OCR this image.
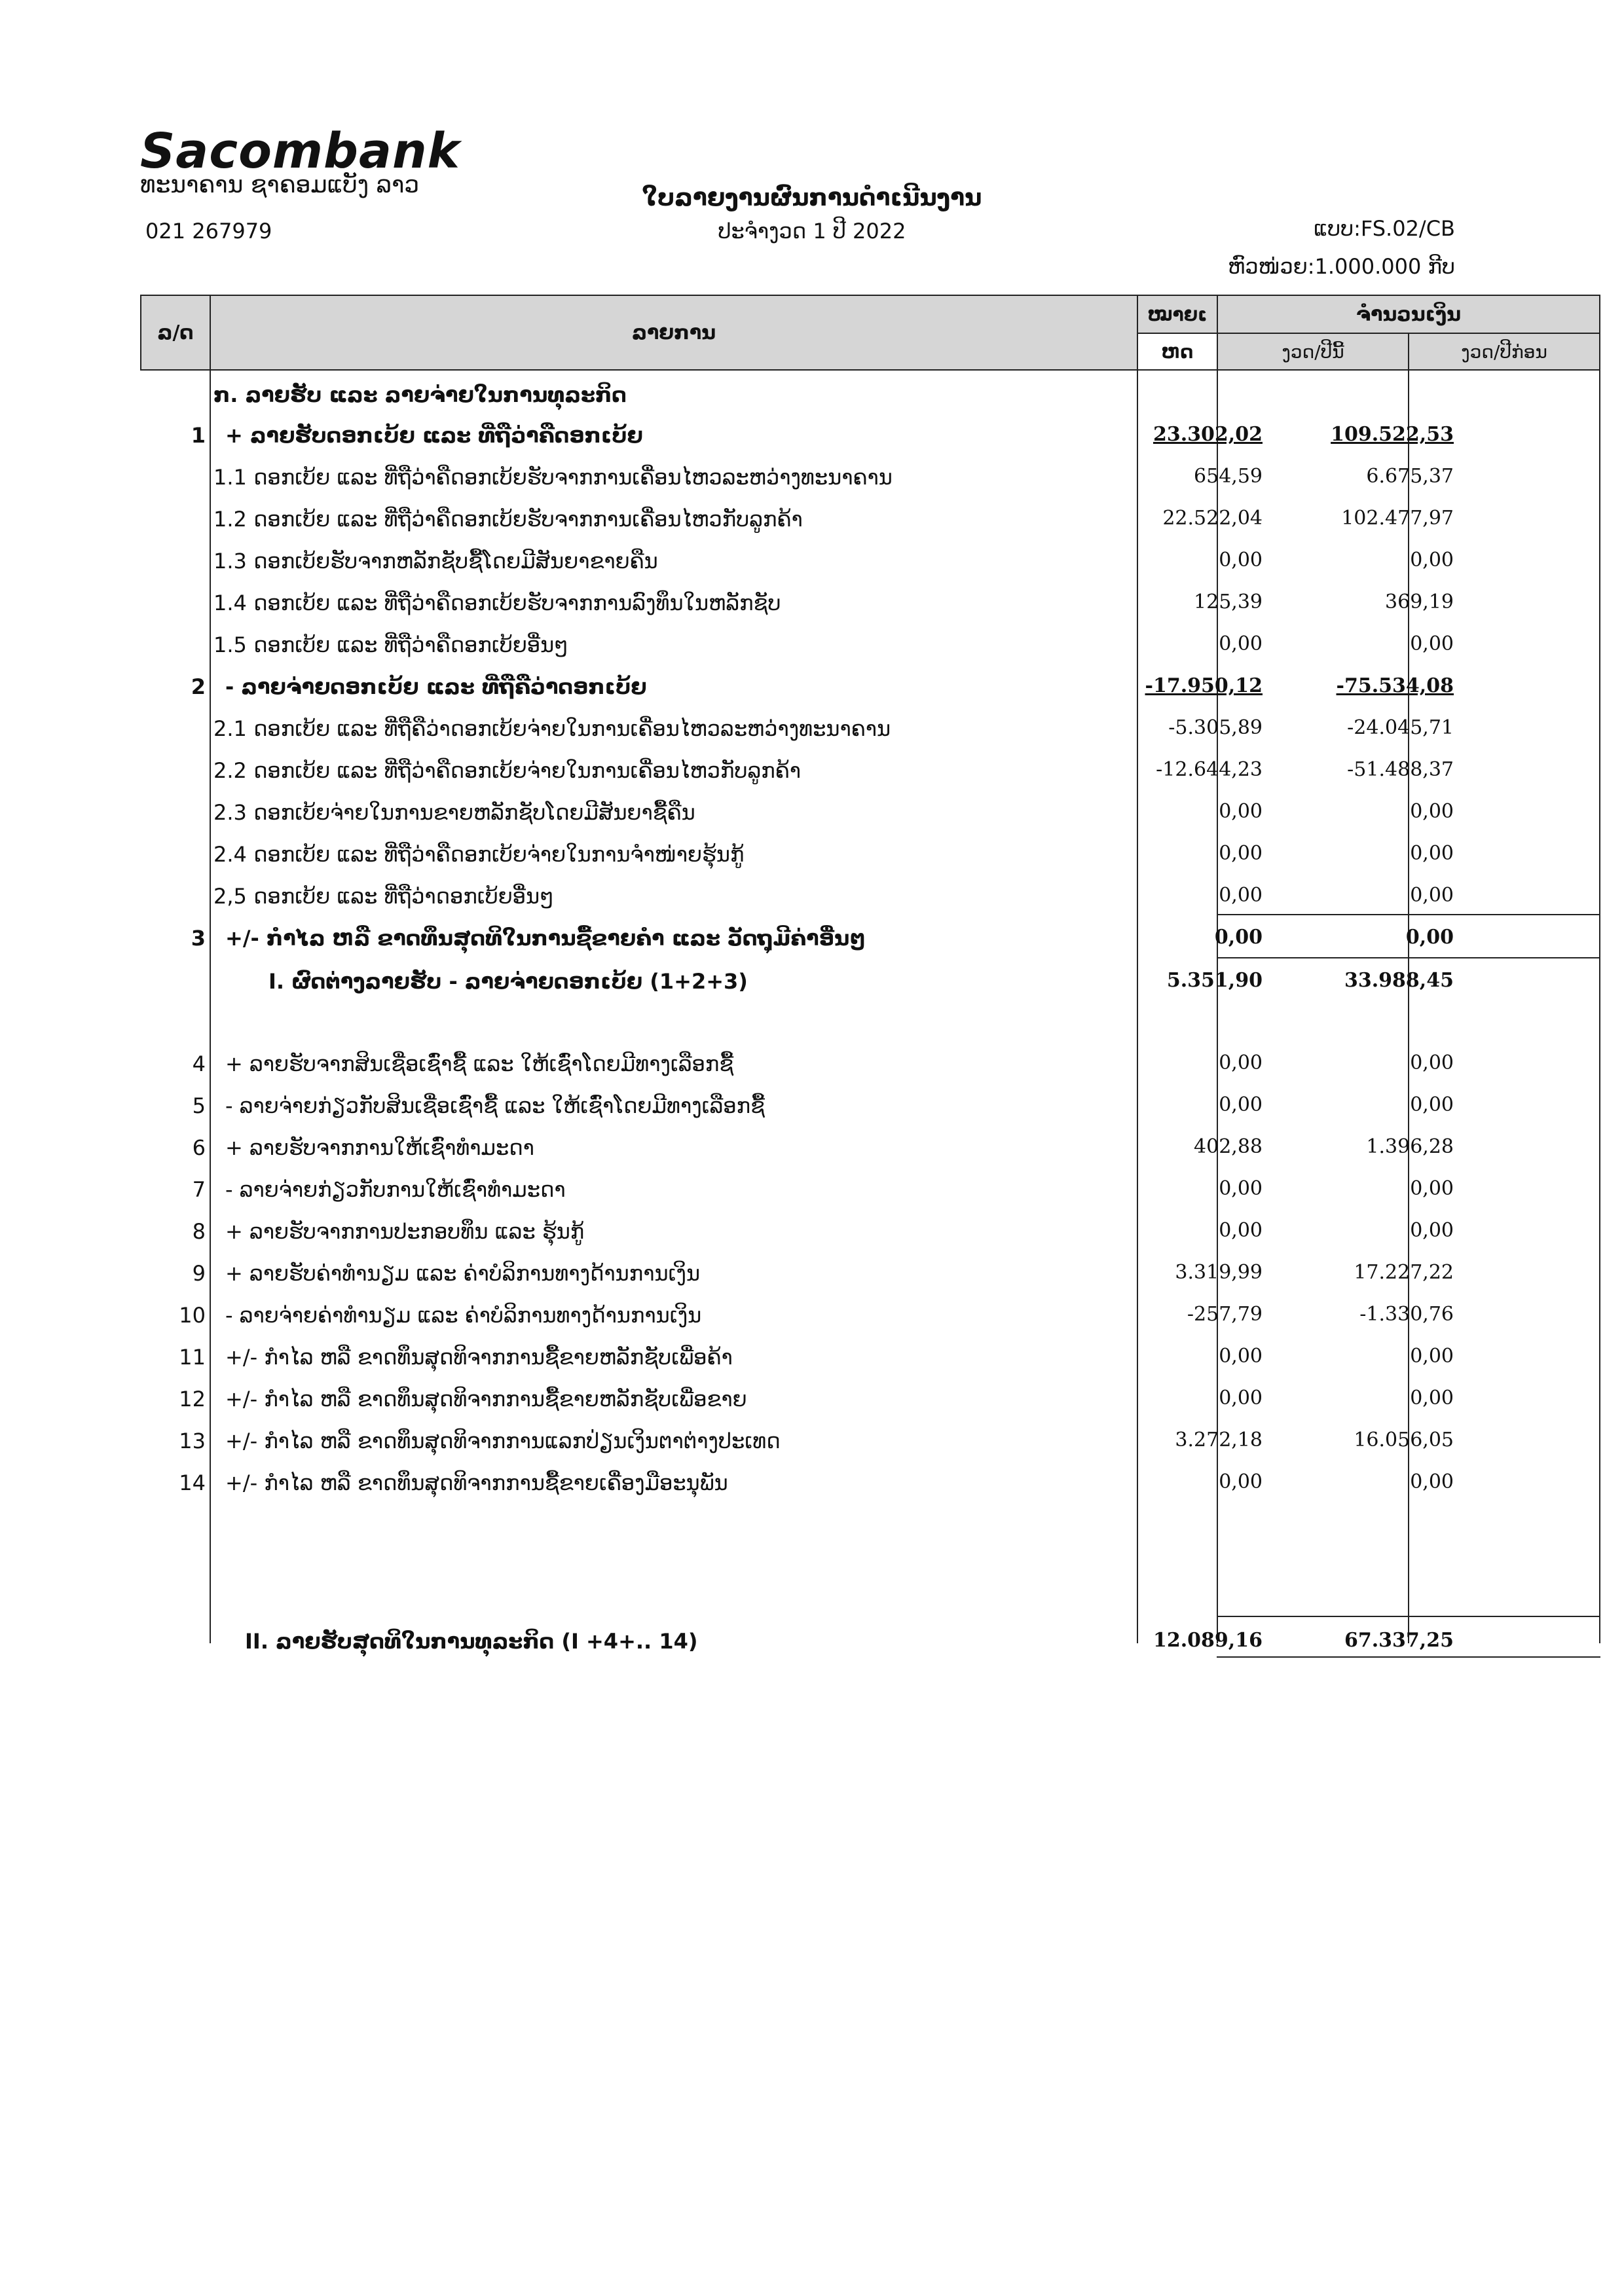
Sacombank
ທະນາຄານ ຊາຄອມແບັງ ລາວ
021 267979
ໃບລາຍງານຜົນການດຳເນີນງານ
ປະຈຳງວດ 1 ປີ 2022	ແບບ:FS.02/CB
ຫົວໜ່ວຍ:1.000.000 ກີບ
ລ/ດ	ລາຍການ
ໝາຍເ
ຫດ
ຈຳນວນເງິນ
ງວດ/ປີນີ້	ງວດ/ປີກ່ອນ
ກ. ລາຍຮັບ ແລະ ລາຍຈ່າຍໃນການທຸລະກິດ
1 + ລາຍຮັບດອກເບ້ຍ ແລະ ທີ່ຖືວ່າຄືດອກເບ້ຍ	23.302,02	109.522,53
1.1 ດອກເບ້ຍ ແລະ ທີ່ຖືວ່າຄືດອກເບ້ຍຮັບຈາກການເຄື່ອນໄຫວລະຫວ່າງທະນາຄານ	654,59	6.675,37
1.2 ດອກເບ້ຍ ແລະ ທີ່ຖືວ່າຄືດອກເບ້ຍຮັບຈາກການເຄື່ອນໄຫວກັບລູກຄ້າ	22.522,04	102.477,97
1.3 ດອກເບ້ຍຮັບຈາກຫລັກຊັບຊື້ໂດຍມີສັນຍາຂາຍຄືນ	0,00	0,00
1.4 ດອກເບ້ຍ ແລະ ທີ່ຖືວ່າຄືດອກເບ້ຍຮັບຈາກການລົງທຶນໃນຫລັກຊັບ	125,39	369,19
1.5 ດອກເບ້ຍ ແລະ ທີ່ຖືວ່າຄືດອກເບ້ຍອື່ນໆ	0,00	0,00
2 - ລາຍຈ່າຍດອກເບ້ຍ ແລະ ທີ່ຖືຄືວ່າດອກເບ້ຍ	-17.950,12	-75.534,08
2.1 ດອກເບ້ຍ ແລະ ທີ່ຖືຄືວ່າດອກເບ້ຍຈ່າຍໃນການເຄື່ອນໄຫວລະຫວ່າງທະນາຄານ	-5.305,89	-24.045,71
2.2 ດອກເບ້ຍ ແລະ ທີ່ຖືວ່າຄືດອກເບ້ຍຈ່າຍໃນການເຄື່ອນໄຫວກັບລູກຄ້າ	-12.644,23	-51.488,37
2.3 ດອກເບ້ຍຈ່າຍໃນການຂາຍຫລັກຊັບໂດຍມີສັນຍາຊື້ຄືນ	0,00	0,00
2.4 ດອກເບ້ຍ ແລະ ທີ່ຖືວ່າຄືດອກເບ້ຍຈ່າຍໃນການຈຳໜ່າຍຮຸ້ນກູ້	0,00	0,00
2,5 ດອກເບ້ຍ ແລະ ທີ່ຖືວ່າດອກເບ້ຍອື່ນໆ	0,00	0,00
3 +/- ກຳໄລ ຫລື ຂາດທຶນສຸດທິໃນການຊື້ຂາຍຄຳ ແລະ ວັດຖຸມີຄ່າອື່ນໆ	0,00	0,00
I. ຜົດຕ່າງລາຍຮັບ - ລາຍຈ່າຍດອກເບ້ຍ (1+2+3)	5.351,90	33.988,45
4 + ລາຍຮັບຈາກສິນເຊື່ອເຊົ່າຊື້ ແລະ ໃຫ້ເຊົ່າໂດຍມີທາງເລືອກຊື້	0,00	0,00
5 - ລາຍຈ່າຍກ່ຽວກັບສິນເຊື່ອເຊົ່າຊື້ ແລະ ໃຫ້ເຊົ່າໂດຍມີທາງເລືອກຊື້	0,00	0,00
6 + ລາຍຮັບຈາກການໃຫ້ເຊົ່າທຳມະດາ	402,88	1.396,28
7 - ລາຍຈ່າຍກ່ຽວກັບການໃຫ້ເຊົ່າທຳມະດາ	0,00	0,00
8 + ລາຍຮັບຈາກການປະກອບທຶນ ແລະ ຮຸ້ນກູ້	0,00	0,00
9 + ລາຍຮັບຄ່າທຳນຽມ ແລະ ຄ່າບໍລິການທາງດ້ານການເງິນ	3.319,99	17.227,22
10 - ລາຍຈ່າຍຄ່າທຳນຽມ ແລະ ຄ່າບໍລິການທາງດ້ານການເງິນ	-257,79	-1.330,76
11 +/- ກຳໄລ ຫລື ຂາດທຶນສຸດທິຈາກການຊື້ຂາຍຫລັກຊັບເພື່ອຄ້າ	0,00	0,00
12 +/- ກຳໄລ ຫລື ຂາດທຶນສຸດທິຈາກການຊື້ຂາຍຫລັກຊັບເພື່ອຂາຍ	0,00	0,00
13 +/- ກຳໄລ ຫລື ຂາດທຶນສຸດທິຈາກການແລກປ່ຽນເງິນຕາຕ່າງປະເທດ	3.272,18	16.056,05
14 +/- ກຳໄລ ຫລື ຂາດທຶນສຸດທິຈາກການຊື້ຂາຍເຄື່ອງມືອະນຸພັນ	0,00	0,00
II. ລາຍຮັບສຸດທິໃນການທຸລະກິດ (I +4+.. 14)	12.089,16	67.337,25
